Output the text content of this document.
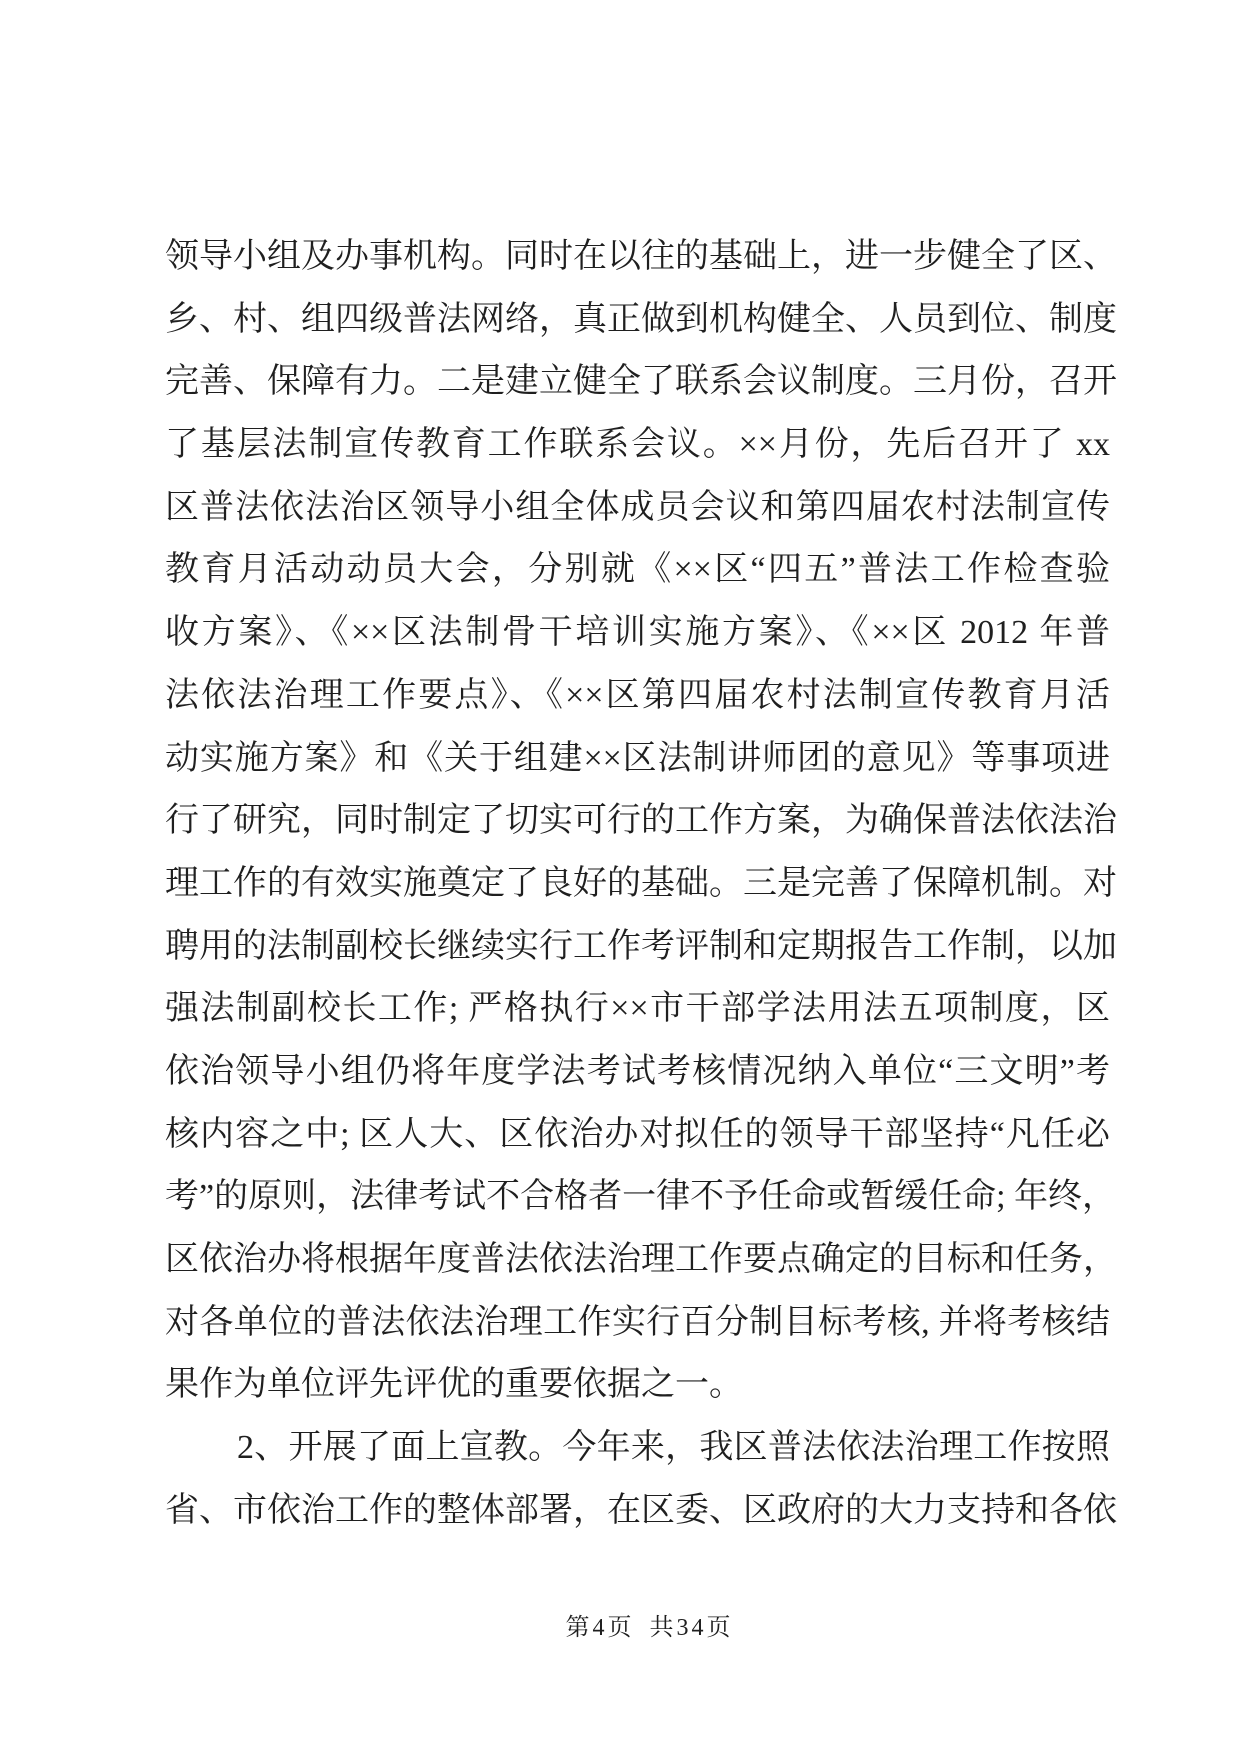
领导小组及办事机构。同时在以往的基础上，进一步健全了区、
乡、村、组四级普法网络，真正做到机构健全、人员到位、制度
完善、保障有力。二是建立健全了联系会议制度。三月份，召开
了基层法制宣传教育工作联系会议。××月份，先后召开了 xx
区普法依法治区领导小组全体成员会议和第四届农村法制宣传
教育月活动动员大会，分别就《××区“四五”普法工作检查验
收方案》、《××区法制骨干培训实施方案》、《××区 2012 年普
法依法治理工作要点》、《××区第四届农村法制宣传教育月活
动实施方案》和《关于组建××区法制讲师团的意见》等事项进
行了研究，同时制定了切实可行的工作方案，为确保普法依法治
理工作的有效实施奠定了良好的基础。三是完善了保障机制。对
聘用的法制副校长继续实行工作考评制和定期报告工作制，以加
强法制副校长工作; 严格执行××市干部学法用法五项制度，区
依治领导小组仍将年度学法考试考核情况纳入单位“三文明”考
核内容之中; 区人大、区依治办对拟任的领导干部坚持“凡任必
考”的原则，法律考试不合格者一律不予任命或暂缓任命; 年终，
区依治办将根据年度普法依法治理工作要点确定的目标和任务，
对各单位的普法依法治理工作实行百分制目标考核, 并将考核结
果作为单位评先评优的重要依据之一。
2、开展了面上宣教。今年来，我区普法依法治理工作按照
省、市依治工作的整体部署，在区委、区政府的大力支持和各依
第4页 共34页
